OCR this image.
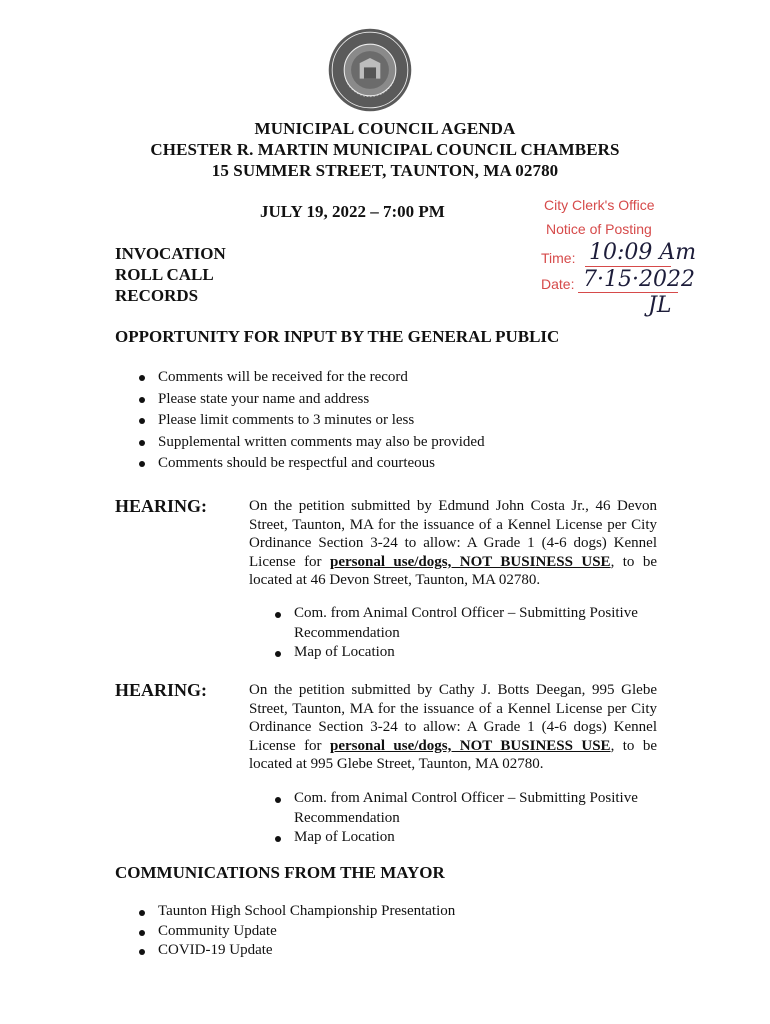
MUNICIPAL COUNCIL AGENDA
CHESTER R. MARTIN MUNICIPAL COUNCIL CHAMBERS
15 SUMMER STREET, TAUNTON, MA 02780
JULY 19, 2022 – 7:00 PM	City Clerk's Office
Notice of Posting
Time: 10:09 Am
Date: 7·15·2022
JL
INVOCATION
ROLL CALL
RECORDS
OPPORTUNITY FOR INPUT BY THE GENERAL PUBLIC
Comments will be received for the record
Please state your name and address
Please limit comments to 3 minutes or less
Supplemental written comments may also be provided
Comments should be respectful and courteous
HEARING:	On the petition submitted by Edmund John Costa Jr., 46 Devon Street, Taunton, MA for the issuance of a Kennel License per City Ordinance Section 3-24 to allow: A Grade 1 (4-6 dogs) Kennel License for personal use/dogs, NOT BUSINESS USE, to be located at 46 Devon Street, Taunton, MA 02780.
Com. from Animal Control Officer – Submitting Positive Recommendation
Map of Location
HEARING:	On the petition submitted by Cathy J. Botts Deegan, 995 Glebe Street, Taunton, MA for the issuance of a Kennel License per City Ordinance Section 3-24 to allow: A Grade 1 (4-6 dogs) Kennel License for personal use/dogs, NOT BUSINESS USE, to be located at 995 Glebe Street, Taunton, MA 02780.
Com. from Animal Control Officer – Submitting Positive Recommendation
Map of Location
COMMUNICATIONS FROM THE MAYOR
Taunton High School Championship Presentation
Community Update
COVID-19 Update
